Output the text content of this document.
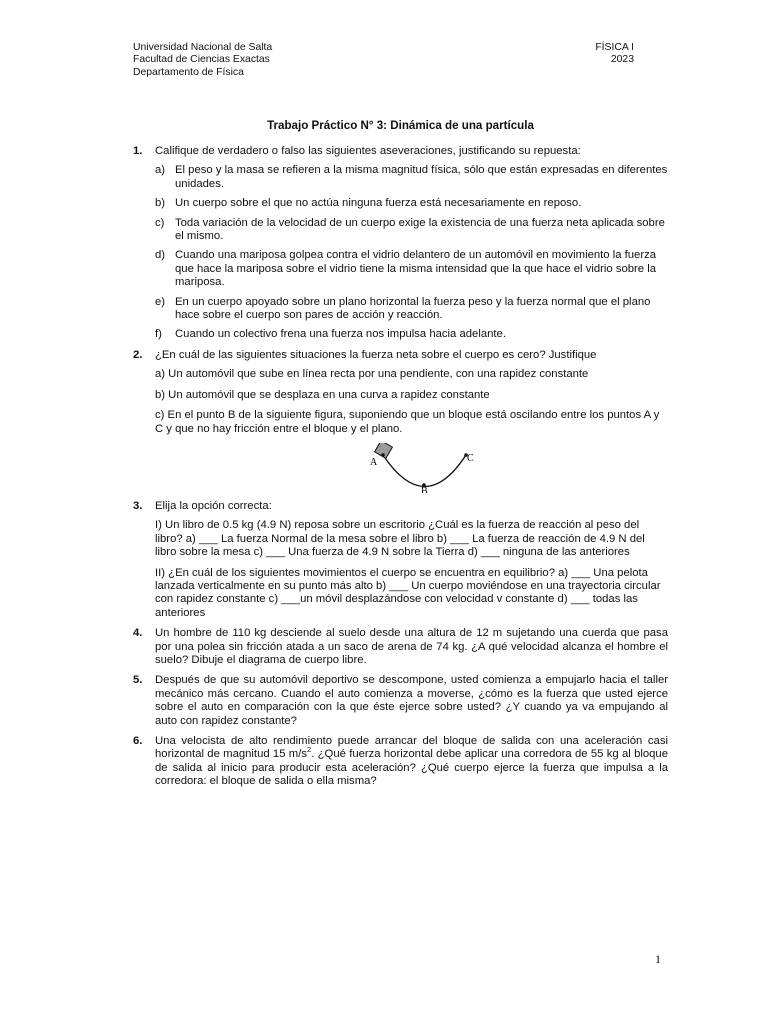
Universidad Nacional de Salta
Facultad de Ciencias Exactas
Departamento de Física
FÍSICA I
2023
Trabajo Práctico N° 3: Dinámica de una partícula
1. Califique de verdadero o falso las siguientes aseveraciones, justificando su repuesta:
a) El peso y la masa se refieren a la misma magnitud física, sólo que están expresadas en diferentes unidades.
b) Un cuerpo sobre el que no actúa ninguna fuerza está necesariamente en reposo.
c) Toda variación de la velocidad de un cuerpo exige la existencia de una fuerza neta aplicada sobre el mismo.
d) Cuando una mariposa golpea contra el vidrio delantero de un automóvil en movimiento la fuerza que hace la mariposa sobre el vidrio tiene la misma intensidad que la que hace el vidrio sobre la mariposa.
e) En un cuerpo apoyado sobre un plano horizontal la fuerza peso y la fuerza normal que el plano hace sobre el cuerpo son pares de acción y reacción.
f) Cuando un colectivo frena una fuerza nos impulsa hacia adelante.
2. ¿En cuál de las siguientes situaciones la fuerza neta sobre el cuerpo es cero? Justifique
a) Un automóvil que sube en línea recta por una pendiente, con una rapidez constante
b) Un automóvil que se desplaza en una curva a rapidez constante
c) En el punto B de la siguiente figura, suponiendo que un bloque está oscilando entre los puntos A y C y que no hay fricción entre el bloque y el plano.
A
B
C
3. Elija la opción correcta:
I) Un libro de 0.5 kg (4.9 N) reposa sobre un escritorio ¿Cuál es la fuerza de reacción al peso del libro? a) ___ La fuerza Normal de la mesa sobre el libro b) ___ La fuerza de reacción de 4.9 N del libro sobre la mesa c) ___ Una fuerza de 4.9 N sobre la Tierra d) ___ ninguna de las anteriores
II) ¿En cuál de los siguientes movimientos el cuerpo se encuentra en equilibrio? a) ___ Una pelota lanzada verticalmente en su punto más alto b) ___ Un cuerpo moviéndose en una trayectoria circular con rapidez constante c) ___un móvil desplazándose con velocidad v constante d) ___ todas las anteriores
4. Un hombre de 110 kg desciende al suelo desde una altura de 12 m sujetando una cuerda que pasa por una polea sin fricción atada a un saco de arena de 74 kg. ¿A qué velocidad alcanza el hombre el suelo? Dibuje el diagrama de cuerpo libre.
5. Después de que su automóvil deportivo se descompone, usted comienza a empujarlo hacia el taller mecánico más cercano. Cuando el auto comienza a moverse, ¿cómo es la fuerza que usted ejerce sobre el auto en comparación con la que éste ejerce sobre usted? ¿Y cuando ya va empujando al auto con rapidez constante?
6. Una velocista de alto rendimiento puede arrancar del bloque de salida con una aceleración casi horizontal de magnitud 15 $m/s^2$. ¿Qué fuerza horizontal debe aplicar una corredora de 55 kg al bloque de salida al inicio para producir esta aceleración? ¿Qué cuerpo ejerce la fuerza que impulsa a la corredora: el bloque de salida o ella misma?
1
